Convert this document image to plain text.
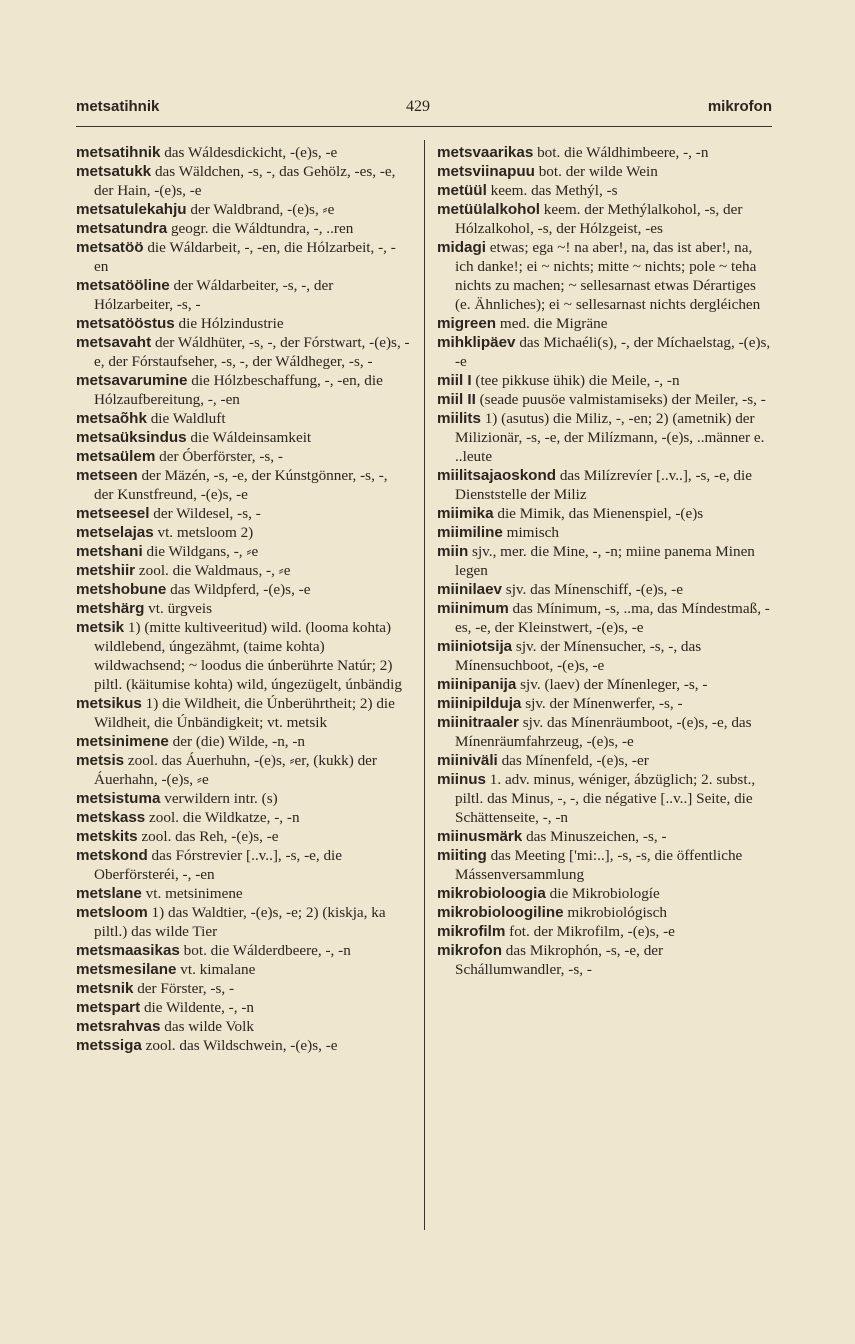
metsatihnik	429	mikrofon

metsatihnik das Wáldesdickicht, -(e)s, -e

metsatukk das Wäldchen, -s, -, das Gehölz, -es, -e, der Hain, -(e)s, -e

metsatulekahju der Waldbrand, -(e)s, ⸗e

metsatundra geogr. die Wáldtundra, -, ..ren

metsatöö die Wáldarbeit, -, -en, die Hólzarbeit, -, -en

metsatööline der Wáldarbeiter, -s, -, der Hólzarbeiter, -s, -

metsatööstus die Hólzindustrie

metsavaht der Wáldhüter, -s, -, der Fórstwart, -(e)s, -e, der Fórstaufseher, -s, -, der Wáldheger, -s, -

metsavarumine die Hólzbeschaffung, -, -en, die Hólzaufbereitung, -, -en

metsaõhk die Waldluft

metsaüksindus die Wáldeinsamkeit

metsaülem der Óberförster, -s, -

metseen der Mäzén, -s, -e, der Kúnstgönner, -s, -, der Kunstfreund, -(e)s, -e

metseesel der Wildesel, -s, -

metselajas vt. metsloom 2)

metshani die Wildgans, -, ⸗e

metshiir zool. die Waldmaus, -, ⸗e

metshobune das Wildpferd, -(e)s, -e

metshärg vt. ürgveis

metsik 1) (mitte kultiveeritud) wild. (looma kohta) wildlebend, úngezähmt, (taime kohta) wildwachsend; ~ loodus die únberührte Natúr; 2) piltl. (käitumise kohta) wild, úngezügelt, únbändig

metsikus 1) die Wildheit, die Únberührtheit; 2) die Wildheit, die Únbändigkeit; vt. metsik

metsinimene der (die) Wilde, -n, -n

metsis zool. das Áuerhuhn, -(e)s, ⸗er, (kukk) der Áuerhahn, -(e)s, ⸗e

metsistuma verwildern intr. (s)

metskass zool. die Wildkatze, -, -n

metskits zool. das Reh, -(e)s, -e

metskond das Fórstrevier [..v..], -s, -e, die Oberförsteréi, -, -en

metslane vt. metsinimene

metsloom 1) das Waldtier, -(e)s, -e; 2) (kiskja, ka piltl.) das wilde Tier

metsmaasikas bot. die Wálderdbeere, -, -n

metsmesilane vt. kimalane

metsnik der Förster, -s, -

metspart die Wildente, -, -n

metsrahvas das wilde Volk

metssiga zool. das Wildschwein, -(e)s, -e

metsvaarikas bot. die Wáldhimbeere, -, -n

metsviinapuu bot. der wilde Wein

metüül keem. das Methýl, -s

metüülalkohol keem. der Methýlalkohol, -s, der Hólzalkohol, -s, der Hólzgeist, -es

midagi etwas; ega ~! na aber!, na, das ist aber!, na, ich danke!; ei ~ nichts; mitte ~ nichts; pole ~ teha nichts zu machen; ~ sellesarnast etwas Dérartiges (e. Ähnliches); ei ~ sellesarnast nichts dergléichen

migreen med. die Migräne

mihklipäev das Michaéli(s), -, der Míchaelstag, -(e)s, -e

miil I (tee pikkuse ühik) die Meile, -, -n

miil II (seade puusöe valmistamiseks) der Meiler, -s, -

miilits 1) (asutus) die Miliz, -, -en; 2) (ametnik) der Milizionär, -s, -e, der Milízmann, -(e)s, ..männer e. ..leute

miilitsajaoskond das Milízrevíer [..v..], -s, -e, die Dienststelle der Miliz

miimika die Mimik, das Mienenspiel, -(e)s

miimiline mimisch

miin sjv., mer. die Mine, -, -n; miine panema Minen legen

miinilaev sjv. das Mínenschiff, -(e)s, -e

miinimum das Mínimum, -s, ..ma, das Míndestmaß, -es, -e, der Kleinstwert, -(e)s, -e

miiniotsija sjv. der Mínensucher, -s, -, das Mínensuchboot, -(e)s, -e

miinipanija sjv. (laev) der Mínenleger, -s, -

miinipilduja sjv. der Mínenwerfer, -s, -

miinitraaler sjv. das Mínenräumboot, -(e)s, -e, das Mínenräumfahrzeug, -(e)s, -e

miiniväli das Mínenfeld, -(e)s, -er

miinus 1. adv. minus, wéniger, ábzüglich; 2. subst., piltl. das Minus, -, -, die négative [..v..] Seite, die Schättenseite, -, -n

miinusmärk das Minuszeichen, -s, -

miiting das Meeting ['mi:..], -s, -s, die öffentliche Mássenversammlung

mikrobioloogia die Mikrobiologíe

mikrobioloogiline mikrobiológisch

mikrofilm fot. der Mikrofilm, -(e)s, -e

mikrofon das Mikrophón, -s, -e, der Schállumwandler, -s, -
